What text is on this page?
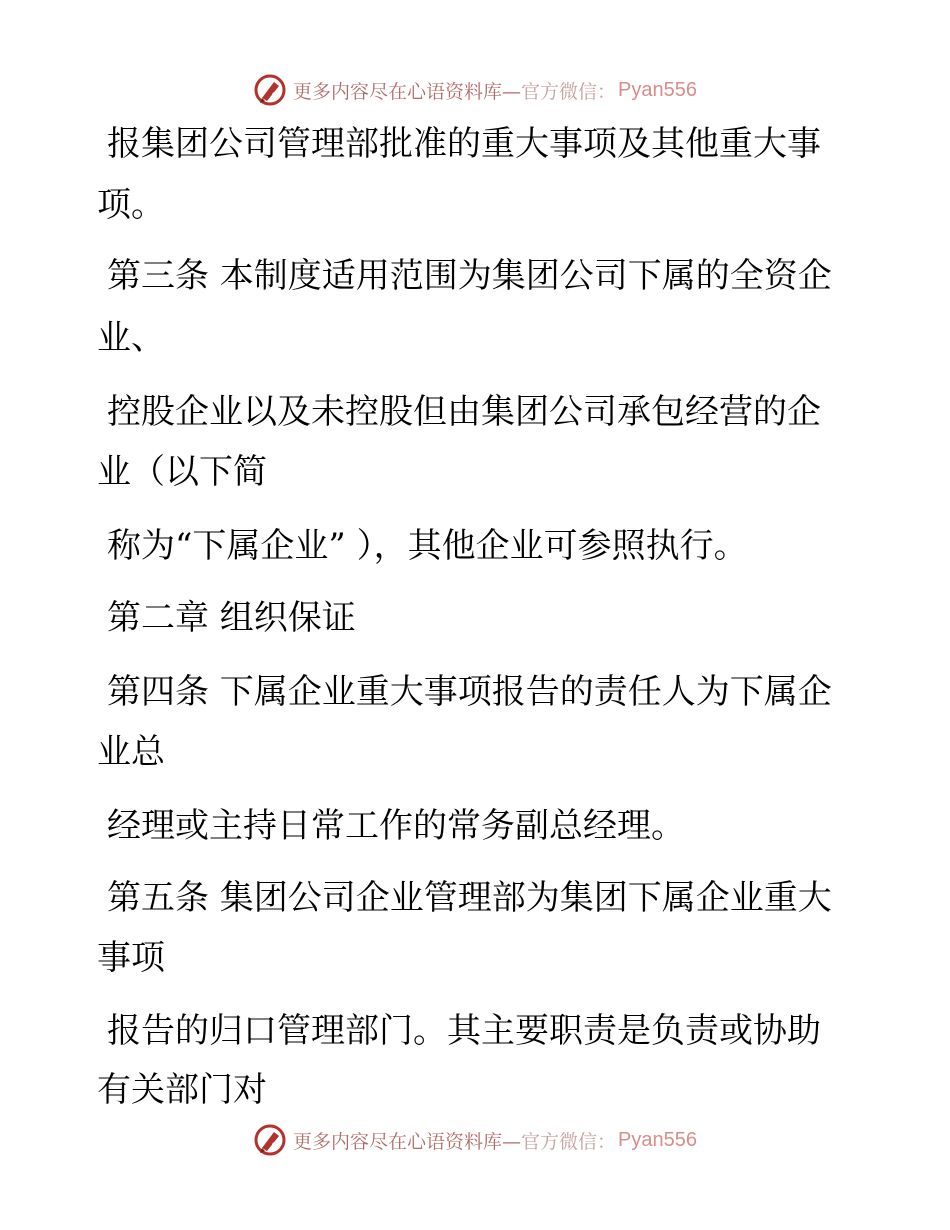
更多内容尽在心语资料库— 官方微信： Pyan556
报集团公司管理部批准的重大事项及其他重大事
项。
第三条 本制度适用范围为集团公司下属的全资企
业、
控股企业以及未控股但由集团公司承包经营的企
业（以下简
称为“下属企业” ），其他企业可参照执行。
第二章 组织保证
第四条 下属企业重大事项报告的责任人为下属企
业总
经理或主持日常工作的常务副总经理。
第五条 集团公司企业管理部为集团下属企业重大
事项
报告的归口管理部门。其主要职责是负责或协助
有关部门对
更多内容尽在心语资料库— 官方微信： Pyan556
